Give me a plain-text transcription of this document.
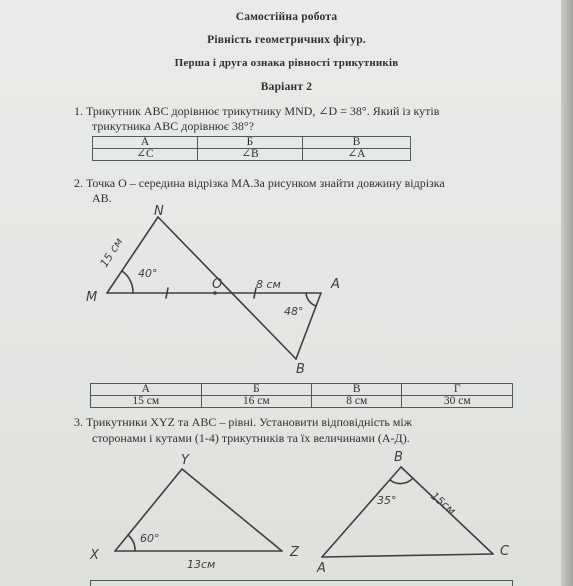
Самостійна робота
Рівність геометричних фігур.
Перша і друга ознака рівності трикутників
Варіант 2
1. Трикутник ABC дорівнює трикутнику MND, ∠D = 38°. Який із кутів
трикутника ABC дорівнює 38°?
А	Б	В
∠C	∠B	∠A
2. Точка O – середина відрізка MA.За рисунком знайти довжину відрізка
AB.
N
M
O	A
B
15 см
40°
8 см
48°
А	Б	В	Г
15 см	16 см	8 см	30 см
3. Трикутники XYZ та ABC – рівні. Установити відповідність між
сторонами і кутами (1-4) трикутників та їх величинами (А-Д).
Y
X	Z
60°
13см
B
A
C
35°	15см
